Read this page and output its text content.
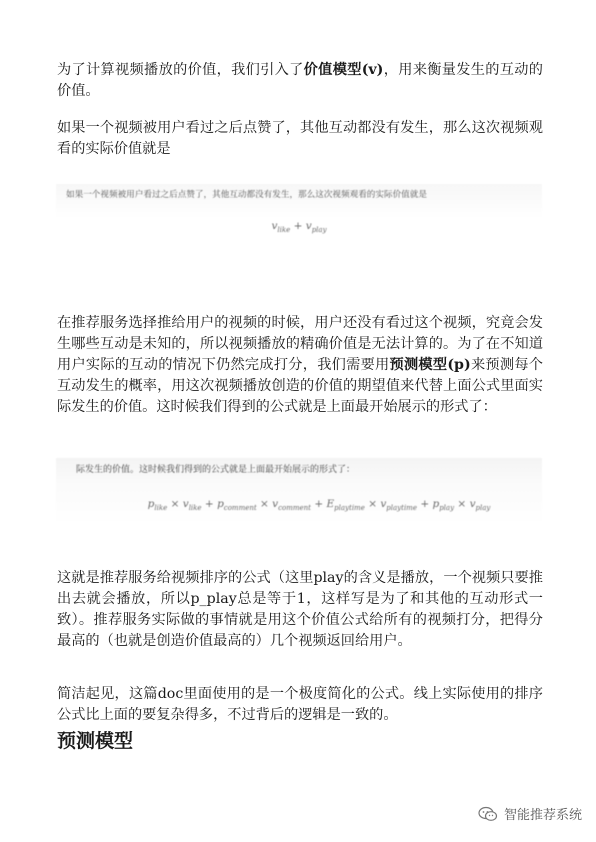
为了计算视频播放的价值，我们引入了价值模型(v)，用来衡量发生的互动的价值。

如果一个视频被用户看过之后点赞了，其他互动都没有发生，那么这次视频观看的实际价值就是

如果一个视频被用户看过之后点赞了，其他互动都没有发生，那么这次视频观看的实际价值就是
$v_{like} + v_{play}$

在推荐服务选择推给用户的视频的时候，用户还没有看过这个视频，究竟会发生哪些互动是未知的，所以视频播放的精确价值是无法计算的。为了在不知道用户实际的互动的情况下仍然完成打分，我们需要用预测模型(p)来预测每个互动发生的概率，用这次视频播放创造的价值的期望值来代替上面公式里面实际发生的价值。这时候我们得到的公式就是上面最开始展示的形式了：

际发生的价值。这时候我们得到的公式就是上面最开始展示的形式了：
$p_{like} \times v_{like} + p_{comment} \times v_{comment} + E_{playtime} \times v_{playtime} + p_{play} \times v_{play}$

这就是推荐服务给视频排序的公式（这里play的含义是播放，一个视频只要推出去就会播放，所以p_play总是等于1，这样写是为了和其他的互动形式一致）。推荐服务实际做的事情就是用这个价值公式给所有的视频打分，把得分最高的（也就是创造价值最高的）几个视频返回给用户。

简洁起见，这篇doc里面使用的是一个极度简化的公式。线上实际使用的排序公式比上面的要复杂得多，不过背后的逻辑是一致的。

预测模型
智能推荐系统
